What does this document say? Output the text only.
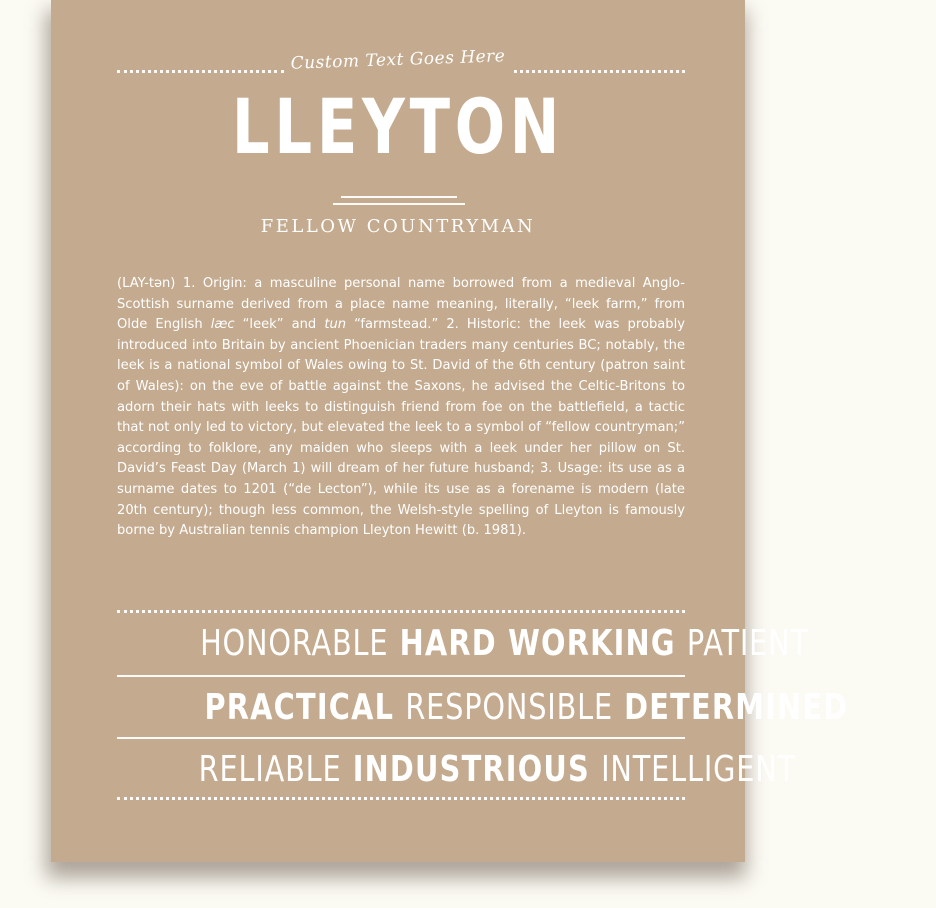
Custom Text Goes Here
LLEYTON
FELLOW COUNTRYMAN

(LAY-tən) 1. Origin: a masculine personal name borrowed from a medieval Anglo-Scottish surname derived from a place name meaning, literally, “leek farm,” from Olde English læc “leek” and tun “farmstead.” 2. Historic: the leek was probably introduced into Britain by ancient Phoenician traders many centuries BC; notably, the leek is a national symbol of Wales owing to St. David of the 6th century (patron saint of Wales): on the eve of battle against the Saxons, he advised the Celtic-Britons to adorn their hats with leeks to distinguish friend from foe on the battlefield, a tactic that not only led to victory, but elevated the leek to a symbol of “fellow countryman;” according to folklore, any maiden who sleeps with a leek under her pillow on St. David’s Feast Day (March 1) will dream of her future husband; 3. Usage: its use as a surname dates to 1201 (“de Lecton”), while its use as a forename is modern (late 20th century); though less common, the Welsh-style spelling of Lleyton is famously borne by Australian tennis champion Lleyton Hewitt (b. 1981).

HONORABLE HARD WORKING PATIENT
PRACTICAL RESPONSIBLE DETERMINED
RELIABLE INDUSTRIOUS INTELLIGENT
